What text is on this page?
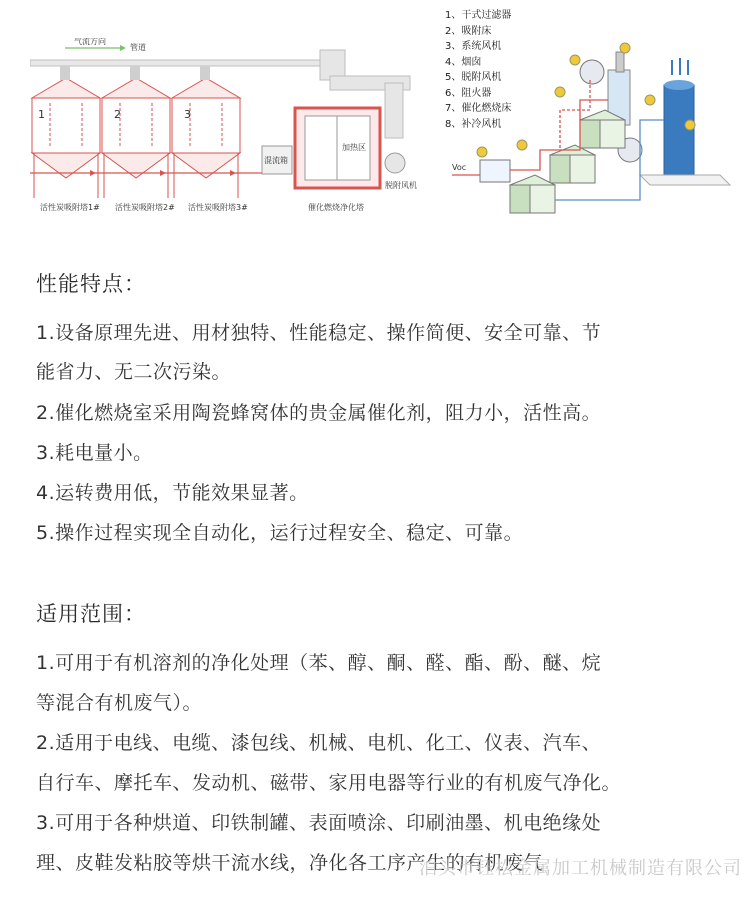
气流方向
管道
1	2	3
混流箱
加热区
脱附风机
活性炭吸附塔1# 活性炭吸附塔2# 活性炭吸附塔3#	催化燃烧净化塔
1、干式过滤器
2、吸附床
3、系统风机
4、烟囱
5、脱附风机
6、阻火器
7、催化燃烧床
8、补冷风机
Voc
性能特点：
1.设备原理先进、用材独特、性能稳定、操作简便、安全可靠、节
能省力、无二次污染。
2.催化燃烧室采用陶瓷蜂窝体的贵金属催化剂，阻力小，活性高。
3.耗电量小。
4.运转费用低，节能效果显著。
5.操作过程实现全自动化，运行过程安全、稳定、可靠。
适用范围：
1.可用于有机溶剂的净化处理（苯、醇、酮、醛、酯、酚、醚、烷
等混合有机废气）。
2.适用于电线、电缆、漆包线、机械、电机、化工、仪表、汽车、
自行车、摩托车、发动机、磁带、家用电器等行业的有机废气净化。
3.可用于各种烘道、印铁制罐、表面喷涂、印刷油墨、机电绝缘处
理、皮鞋发粘胶等烘干流水线，净化各工序产生的有机废气
泊头市钰松金属加工机械制造有限公司
